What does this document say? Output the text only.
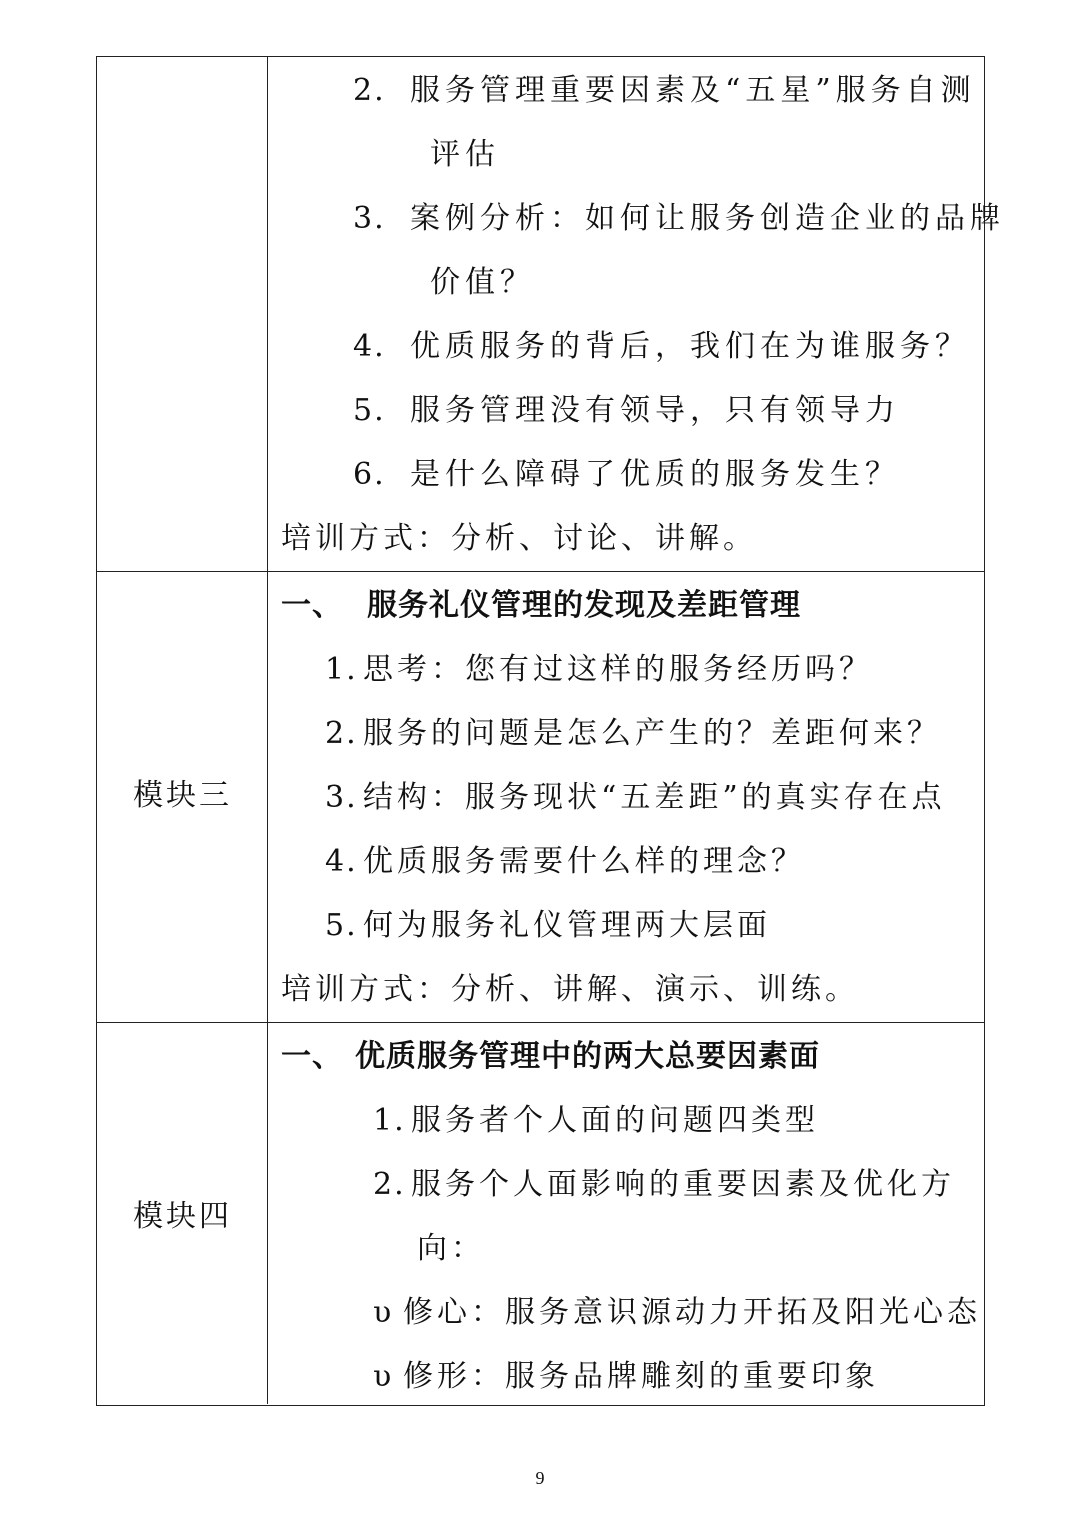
2. 服务管理重要因素及“五星”服务自测
评估
3. 案例分析：如何让服务创造企业的品牌
价值？
4. 优质服务的背后，我们在为谁服务？
5. 服务管理没有领导，只有领导力
6. 是什么障碍了优质的服务发生？
培训方式：分析、讨论、讲解。
模块三
一、 服务礼仪管理的发现及差距管理
1. 思考：您有过这样的服务经历吗？
2. 服务的问题是怎么产生的？差距何来？
3. 结构：服务现状“五差距”的真实存在点
4. 优质服务需要什么样的理念？
5. 何为服务礼仪管理两大层面
培训方式：分析、讲解、演示、训练。
模块四
一、 优质服务管理中的两大总要因素面
1. 服务者个人面的问题四类型
2. 服务个人面影响的重要因素及优化方
向：
υ 修心：服务意识源动力开拓及阳光心态
υ 修形：服务品牌雕刻的重要印象
9
